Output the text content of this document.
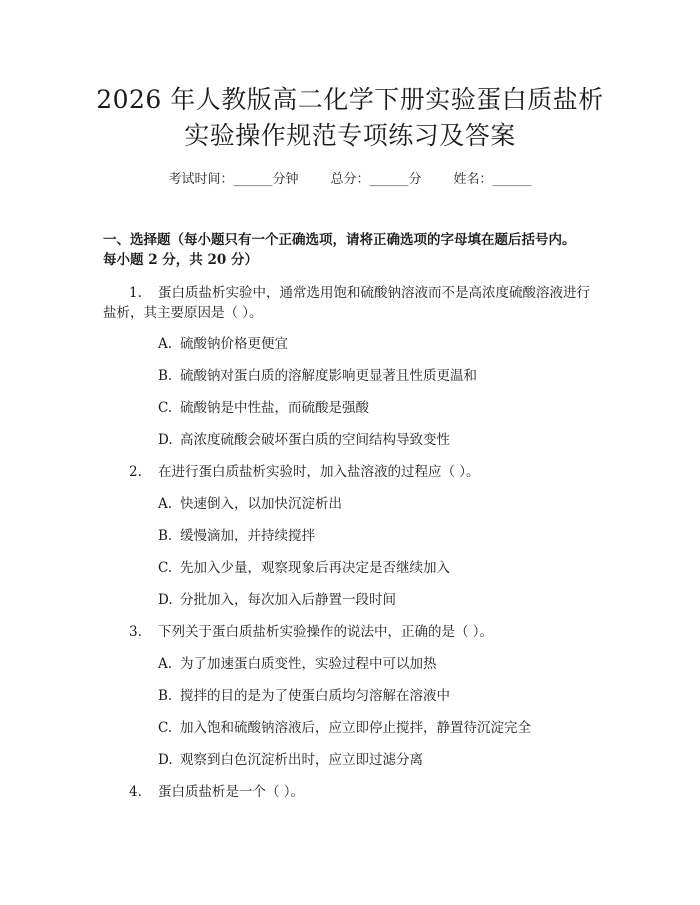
2026 年人教版高二化学下册实验蛋白质盐析
实验操作规范专项练习及答案
考试时间：______分钟 总分：______分 姓名：______
一、选择题（每小题只有一个正确选项，请将正确选项的字母填在题后括号内。
每小题 2 分，共 20 分）
1. 蛋白质盐析实验中，通常选用饱和硫酸钠溶液而不是高浓度硫酸溶液进行
盐析，其主要原因是（ ）。
A. 硫酸钠价格更便宜
B. 硫酸钠对蛋白质的溶解度影响更显著且性质更温和
C. 硫酸钠是中性盐，而硫酸是强酸
D. 高浓度硫酸会破坏蛋白质的空间结构导致变性
2. 在进行蛋白质盐析实验时，加入盐溶液的过程应（ ）。
A. 快速倒入，以加快沉淀析出
B. 缓慢滴加，并持续搅拌
C. 先加入少量，观察现象后再决定是否继续加入
D. 分批加入，每次加入后静置一段时间
3. 下列关于蛋白质盐析实验操作的说法中，正确的是（ ）。
A. 为了加速蛋白质变性，实验过程中可以加热
B. 搅拌的目的是为了使蛋白质均匀溶解在溶液中
C. 加入饱和硫酸钠溶液后，应立即停止搅拌，静置待沉淀完全
D. 观察到白色沉淀析出时，应立即过滤分离
4. 蛋白质盐析是一个（ ）。
